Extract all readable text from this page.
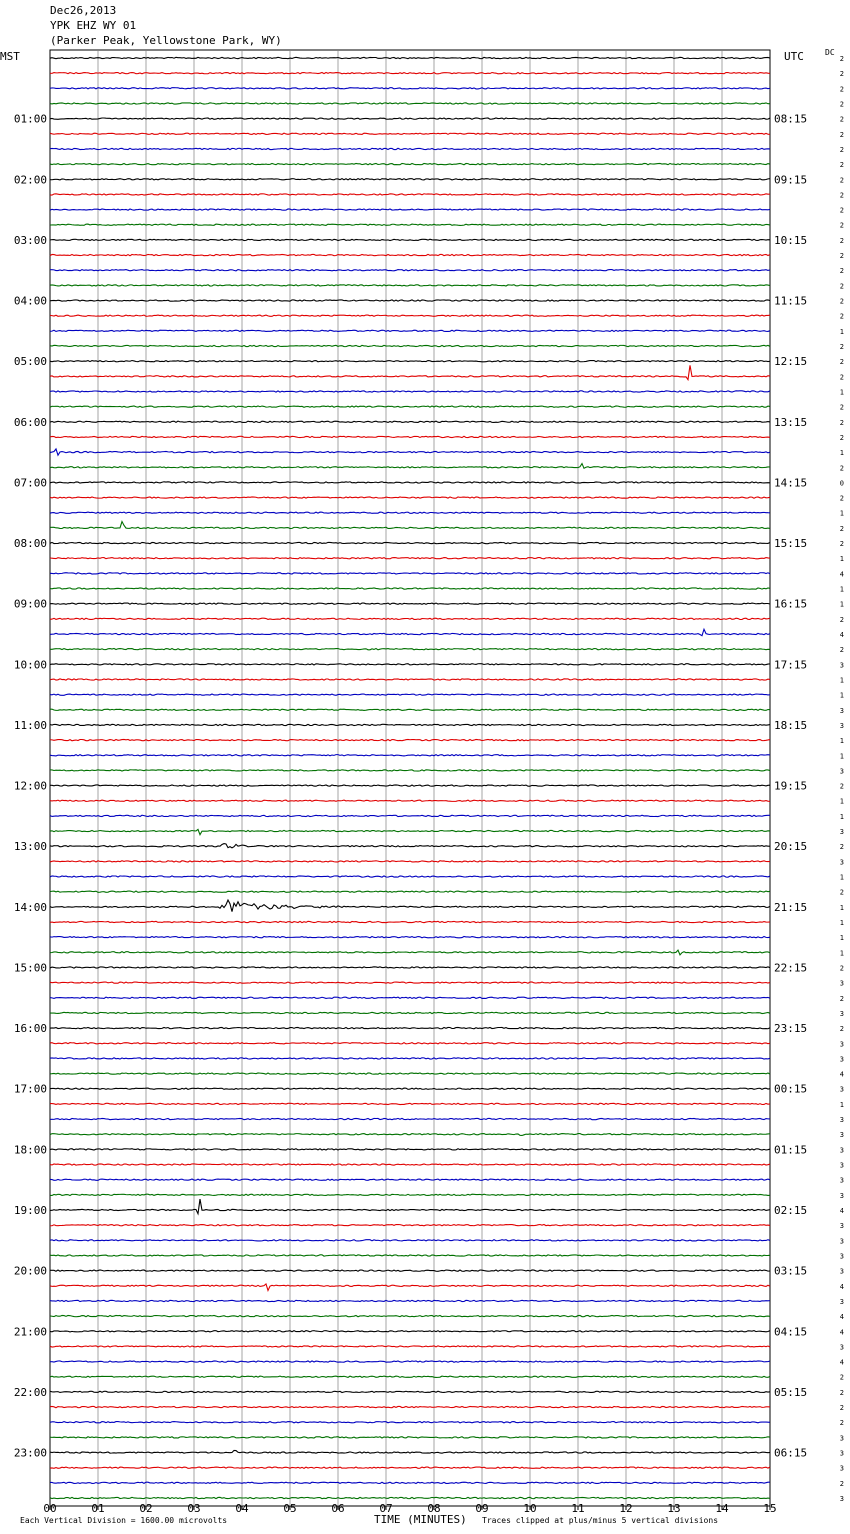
Dec26,2013
YPK EHZ WY 01
(Parker Peak, Yellowstone Park, WY)
MST	UTC	DC
01:00
02:00
03:00
04:00
05:00
06:00
07:00
08:00
09:00
10:00
11:00
12:00
13:00
14:00
15:00
16:00
17:00
18:00
19:00
20:00
21:00
22:00
23:00
08:15
09:15
10:15
11:15
12:15
13:15
14:15
15:15
16:15
17:15
18:15
19:15
20:15
21:15
22:15
23:15
00:15
01:15
02:15
03:15
04:15
05:15
06:15
2
2
2
2
2
2
2
2
2
2
2
2
2
2
2
2
2
2
1
2
2
2
1
2
2
2
1
2
0
2
1
2
2
1
4
1
1
2
4
2
3
1
1
3
3
1
1
3
2
1
1
3
2
3
1
2
1
1
1
1
2
3
2
3
2
3
3
4
3
1
3
3
3
3
3
3
4
3
3
3
3
4
3
4
4
3
4
2
2
2
2
3
3
3
2
3
00	01	02	03	04	05	06	07	08	09	10	11	12	13	14	15
Each Vertical Division = 1600.00 microvolts	TIME (MINUTES) Traces clipped at plus/minus 5 vertical divisions
